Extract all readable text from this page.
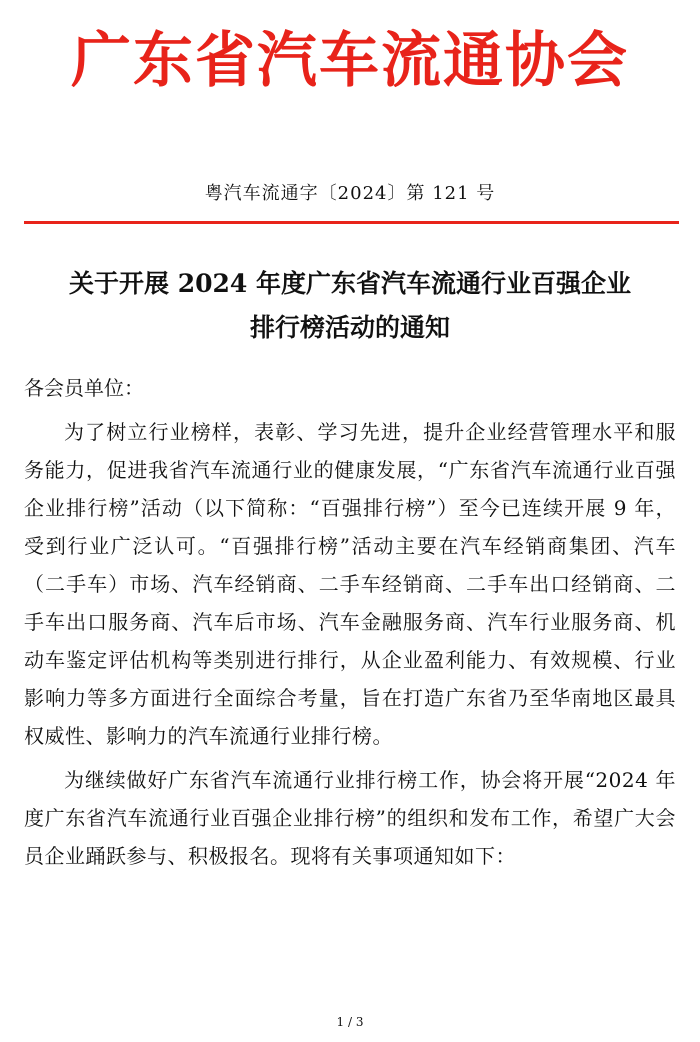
广东省汽车流通协会
粤汽车流通字〔2024〕第 121 号
关于开展 2024 年度广东省汽车流通行业百强企业
排行榜活动的通知
各会员单位：

为了树立行业榜样，表彰、学习先进，提升企业经营管理水平和服务能力，促进我省汽车流通行业的健康发展，“广东省汽车流通行业百强企业排行榜”活动（以下简称：“百强排行榜”）至今已连续开展 9 年，受到行业广泛认可。“百强排行榜”活动主要在汽车经销商集团、汽车（二手车）市场、汽车经销商、二手车经销商、二手车出口经销商、二手车出口服务商、汽车后市场、汽车金融服务商、汽车行业服务商、机动车鉴定评估机构等类别进行排行，从企业盈利能力、有效规模、行业影响力等多方面进行全面综合考量，旨在打造广东省乃至华南地区最具权威性、影响力的汽车流通行业排行榜。

为继续做好广东省汽车流通行业排行榜工作，协会将开展“2024 年度广东省汽车流通行业百强企业排行榜”的组织和发布工作，希望广大会员企业踊跃参与、积极报名。现将有关事项通知如下：

1 / 3
